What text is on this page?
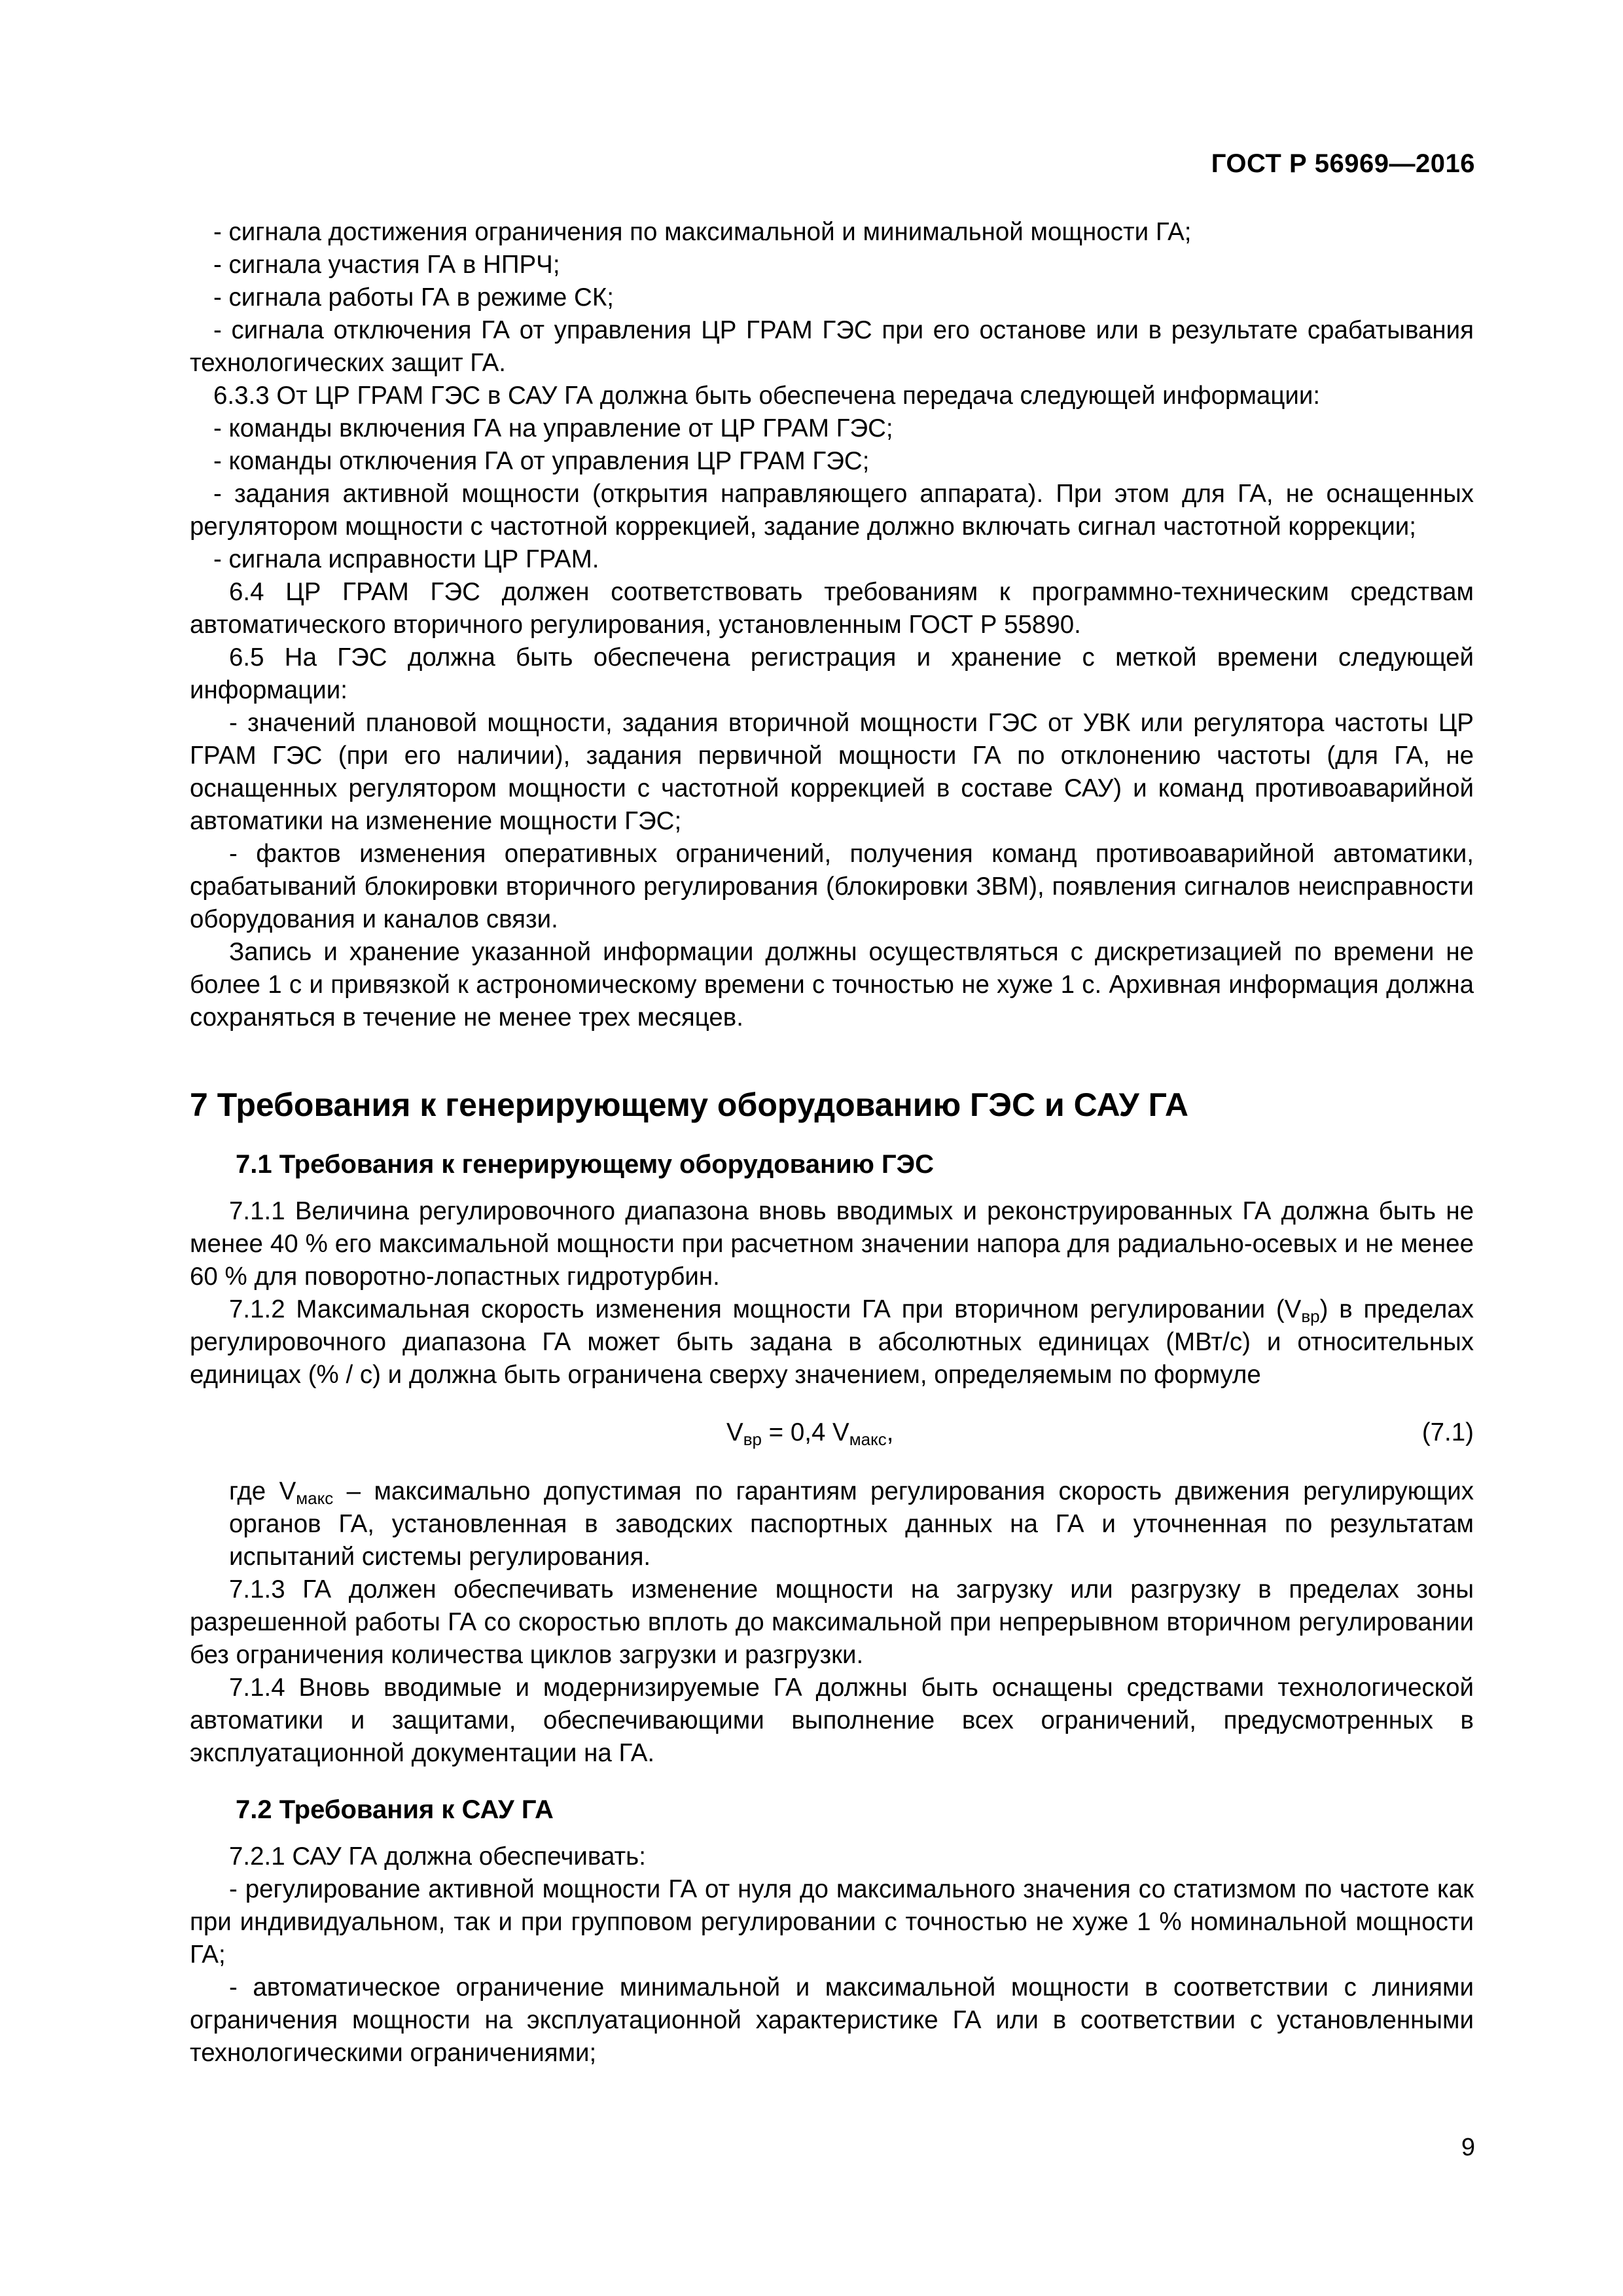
ГОСТ Р 56969—2016

- сигнала достижения ограничения по максимальной и минимальной мощности ГА;

- сигнала участия ГА в НПРЧ;

- сигнала работы ГА в режиме СК;

- сигнала отключения ГА от управления ЦР ГРАМ ГЭС при его останове или в результате срабатывания технологических защит ГА.

6.3.3 От ЦР ГРАМ ГЭС в САУ ГА должна быть обеспечена передача следующей информации:

- команды включения ГА на управление от ЦР ГРАМ ГЭС;

- команды отключения ГА от управления ЦР ГРАМ ГЭС;

- задания активной мощности (открытия направляющего аппарата). При этом для ГА, не оснащенных регулятором мощности с частотной коррекцией, задание должно включать сигнал частотной коррекции;

- сигнала исправности ЦР ГРАМ.

6.4 ЦР ГРАМ ГЭС должен соответствовать требованиям к программно-техническим средствам автоматического вторичного регулирования, установленным ГОСТ Р 55890.

6.5 На ГЭС должна быть обеспечена регистрация и хранение с меткой времени следующей информации:

- значений плановой мощности, задания вторичной мощности ГЭС от УВК или регулятора частоты ЦР ГРАМ ГЭС (при его наличии), задания первичной мощности ГА по отклонению частоты (для ГА, не оснащенных регулятором мощности с частотной коррекцией в составе САУ) и команд противоаварийной автоматики на изменение мощности ГЭС;

- фактов изменения оперативных ограничений, получения команд противоаварийной автоматики, срабатываний блокировки вторичного регулирования (блокировки ЗВМ), появления сигналов неисправности оборудования и каналов связи.

Запись и хранение указанной информации должны осуществляться с дискретизацией по времени не более 1 с и привязкой к астрономическому времени с точностью не хуже 1 с. Архивная информация должна сохраняться в течение не менее трех месяцев.

7 Требования к генерирующему оборудованию ГЭС и САУ ГА
7.1 Требования к генерирующему оборудованию ГЭС

7.1.1 Величина регулировочного диапазона вновь вводимых и реконструированных ГА должна быть не менее 40 % его максимальной мощности при расчетном значении напора для радиально-осевых и не менее 60 % для поворотно-лопастных гидротурбин.

7.1.2 Максимальная скорость изменения мощности ГА при вторичном регулировании $(V_{вр})$ в пределах регулировочного диапазона ГА может быть задана в абсолютных единицах (МВт/с) и относительных единицах (% / с) и должна быть ограничена сверху значением, определяемым по формуле

$V_{вр} = 0,4$ $V_{макс}$,	(7.1)

где $V_{макс}$ – максимально допустимая по гарантиям регулирования скорость движения регулирующих органов ГА, установленная в заводских паспортных данных на ГА и уточненная по результатам испытаний системы регулирования.

7.1.3 ГА должен обеспечивать изменение мощности на загрузку или разгрузку в пределах зоны разрешенной работы ГА со скоростью вплоть до максимальной при непрерывном вторичном регулировании без ограничения количества циклов загрузки и разгрузки.

7.1.4 Вновь вводимые и модернизируемые ГА должны быть оснащены средствами технологической автоматики и защитами, обеспечивающими выполнение всех ограничений, предусмотренных в эксплуатационной документации на ГА.

7.2 Требования к САУ ГА

7.2.1 САУ ГА должна обеспечивать:

- регулирование активной мощности ГА от нуля до максимального значения со статизмом по частоте как при индивидуальном, так и при групповом регулировании с точностью не хуже 1 % номинальной мощности ГА;

- автоматическое ограничение минимальной и максимальной мощности в соответствии с линиями ограничения мощности на эксплуатационной характеристике ГА или в соответствии с установленными технологическими ограничениями;

9
